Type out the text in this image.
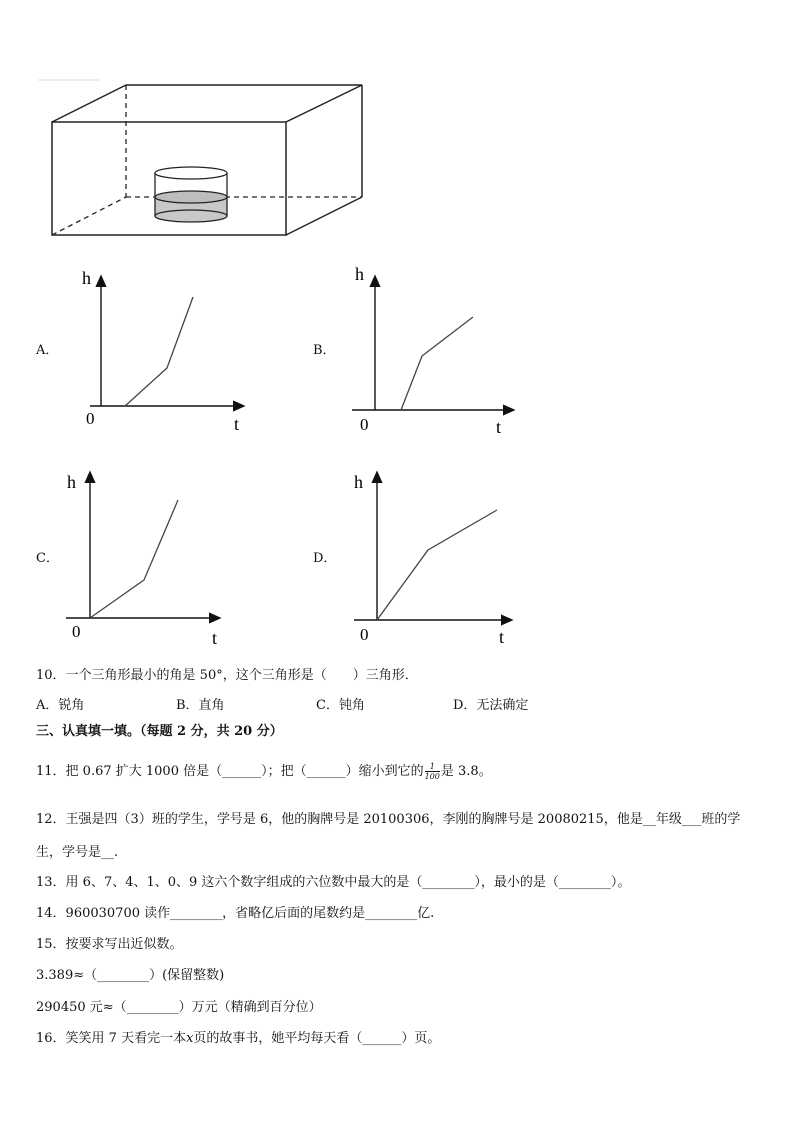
A．	B．
C．	D．
h
t
0
h
t
0
h
t
0
h
t
0
10．一个三角形最小的角是 50°，这个三角形是（　　）三角形．
A．锐角	B．直角	C．钝角	D．无法确定
三、认真填一填。（每题 2 分，共 20 分）
11．把 0.67 扩大 1000 倍是（______）；把（______）缩小到它的 $\frac{1}{100}$ 是 3.8。
12．王强是四（3）班的学生，学号是 6，他的胸牌号是 20100306，李刚的胸牌号是 20080215，他是__年级___班的学
生，学号是__.
13．用 6、7、4、1、0、9 这六个数字组成的六位数中最大的是（________），最小的是（________）。
14．960030700 读作________，省略亿后面的尾数约是________亿.
15．按要求写出近似数。
3.389≈（________）(保留整数)
290450 元≈（________）万元（精确到百分位）
16．笑笑用 7 天看完一本x页的故事书，她平均每天看（______）页。
